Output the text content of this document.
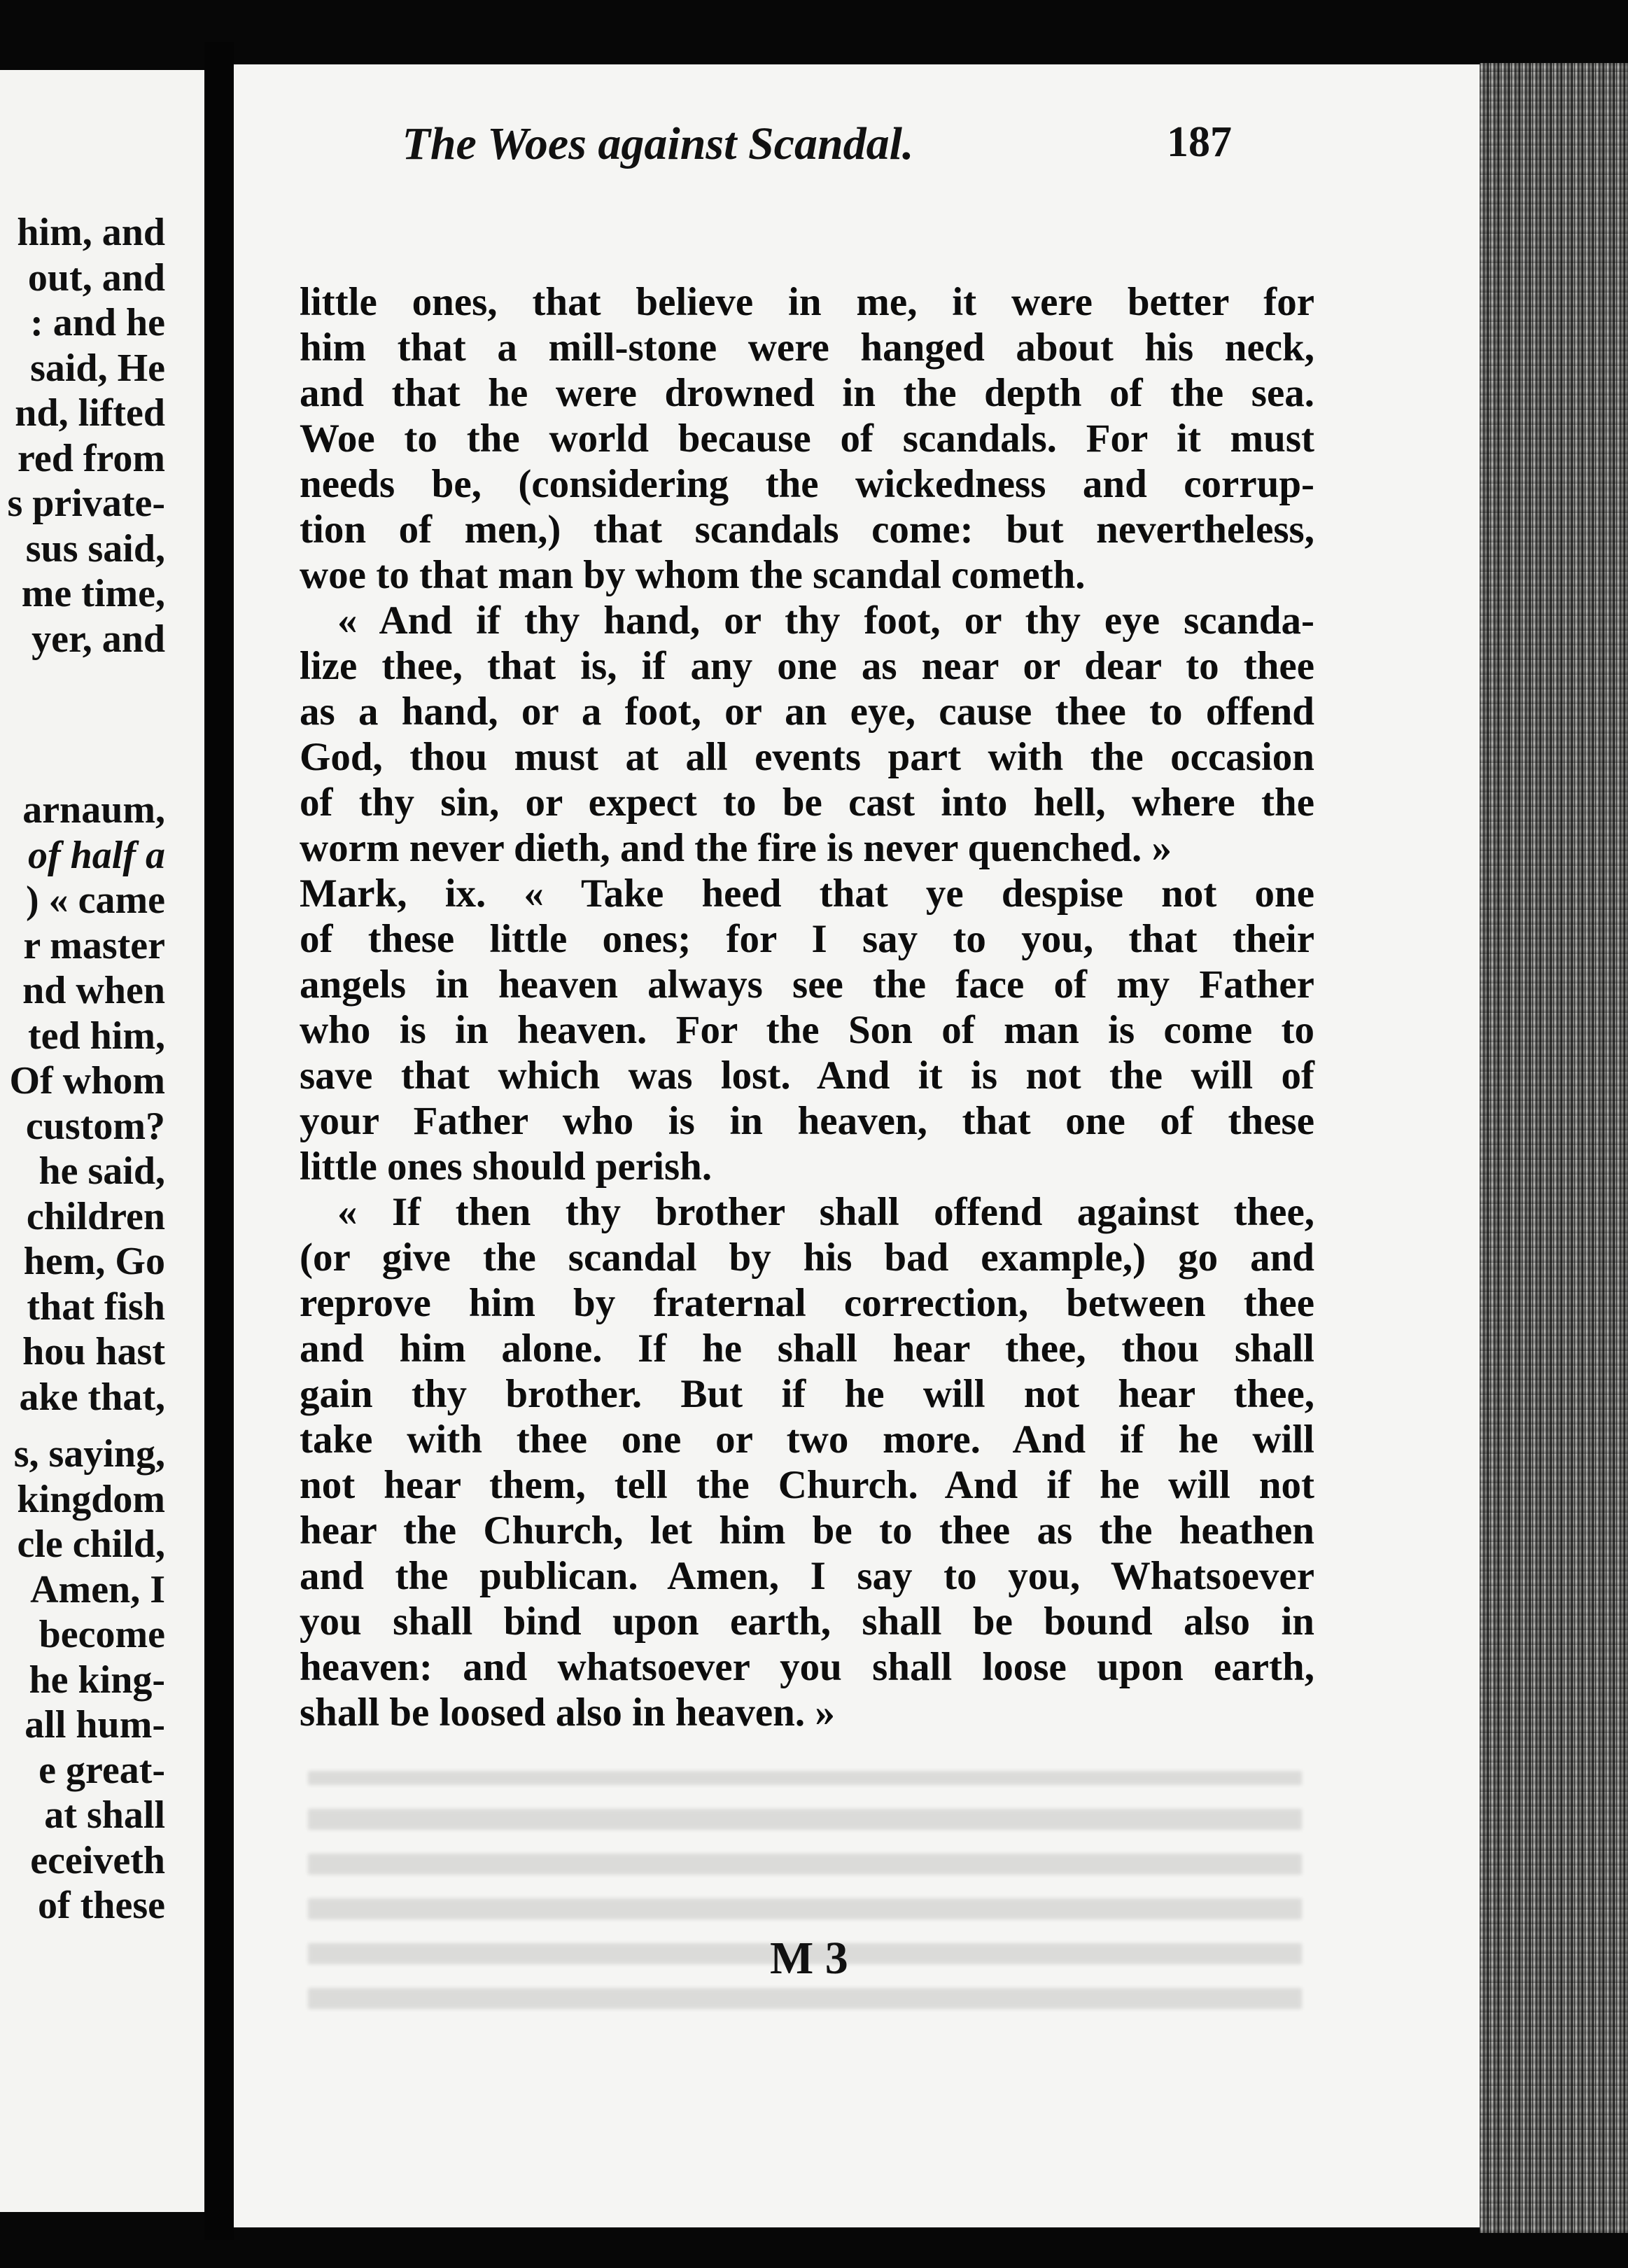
him, and
out, and
: and he
said, He
nd, lifted
red from
s private-
sus said,
me time,
yer, and
arnaum,
of half a
) « came
r master
nd when
ted him,
Of whom
custom?
he said,
children
hem, Go
that fish
hou hast
ake that,
s, saying,
kingdom
cle child,
Amen, I
become
he king-
all hum-
e great-
at shall
eceiveth
of these
The Woes against Scandal.	187
little ones, that believe in me, it were better for
him that a mill-stone were hanged about his neck,
and that he were drowned in the depth of the sea.
Woe to the world because of scandals. For it must
needs be, (considering the wickedness and corrup-
tion of men,) that scandals come: but nevertheless,
woe to that man by whom the scandal cometh.
« And if thy hand, or thy foot, or thy eye scanda-
lize thee, that is, if any one as near or dear to thee
as a hand, or a foot, or an eye, cause thee to offend
God, thou must at all events part with the occasion
of thy sin, or expect to be cast into hell, where the
worm never dieth, and the fire is never quenched. »
Mark, ix. « Take heed that ye despise not one
of these little ones; for I say to you, that their
angels in heaven always see the face of my Father
who is in heaven. For the Son of man is come to
save that which was lost. And it is not the will of
your Father who is in heaven, that one of these
little ones should perish.
« If then thy brother shall offend against thee,
(or give the scandal by his bad example,) go and
reprove him by fraternal correction, between thee
and him alone. If he shall hear thee, thou shall
gain thy brother. But if he will not hear thee,
take with thee one or two more. And if he will
not hear them, tell the Church. And if he will not
hear the Church, let him be to thee as the heathen
and the publican. Amen, I say to you, Whatsoever
you shall bind upon earth, shall be bound also in
heaven: and whatsoever you shall loose upon earth,
shall be loosed also in heaven. »
M 3
